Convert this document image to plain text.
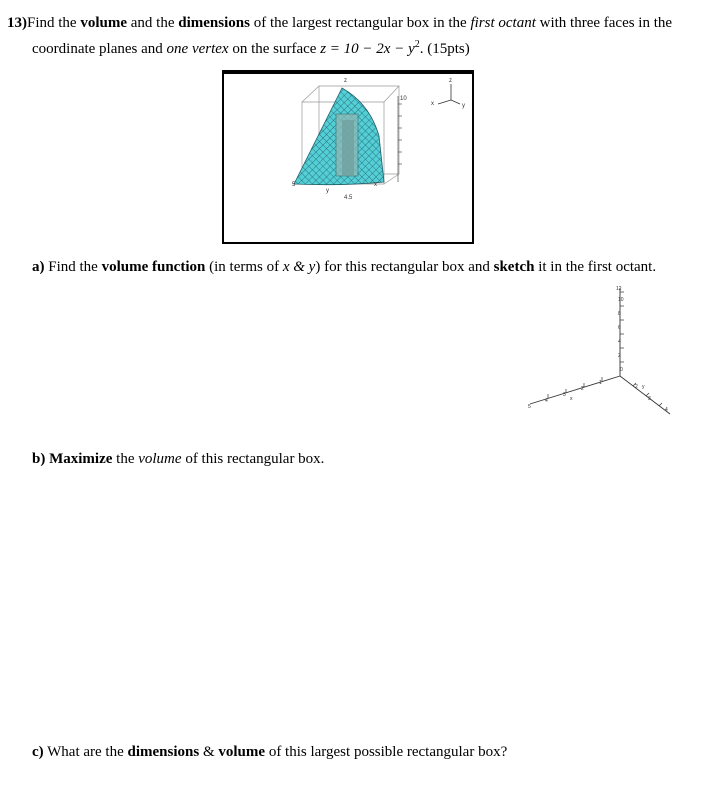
13)Find the volume and the dimensions of the largest rectangular box in the first octant with three faces in the
coordinate planes and one vertex on the surface $z = 10 - 2x - y^2$. (15pts)
10
4.5
5
y
x
z	z
x	y
a) Find the volume function (in terms of x & y) for this rectangular box and sketch it in the first octant.
12
10
8
6
4
2
0
5
4
3
2
1
x
2
3
4
y
b) Maximize the volume of this rectangular box.
c) What are the dimensions & volume of this largest possible rectangular box?
